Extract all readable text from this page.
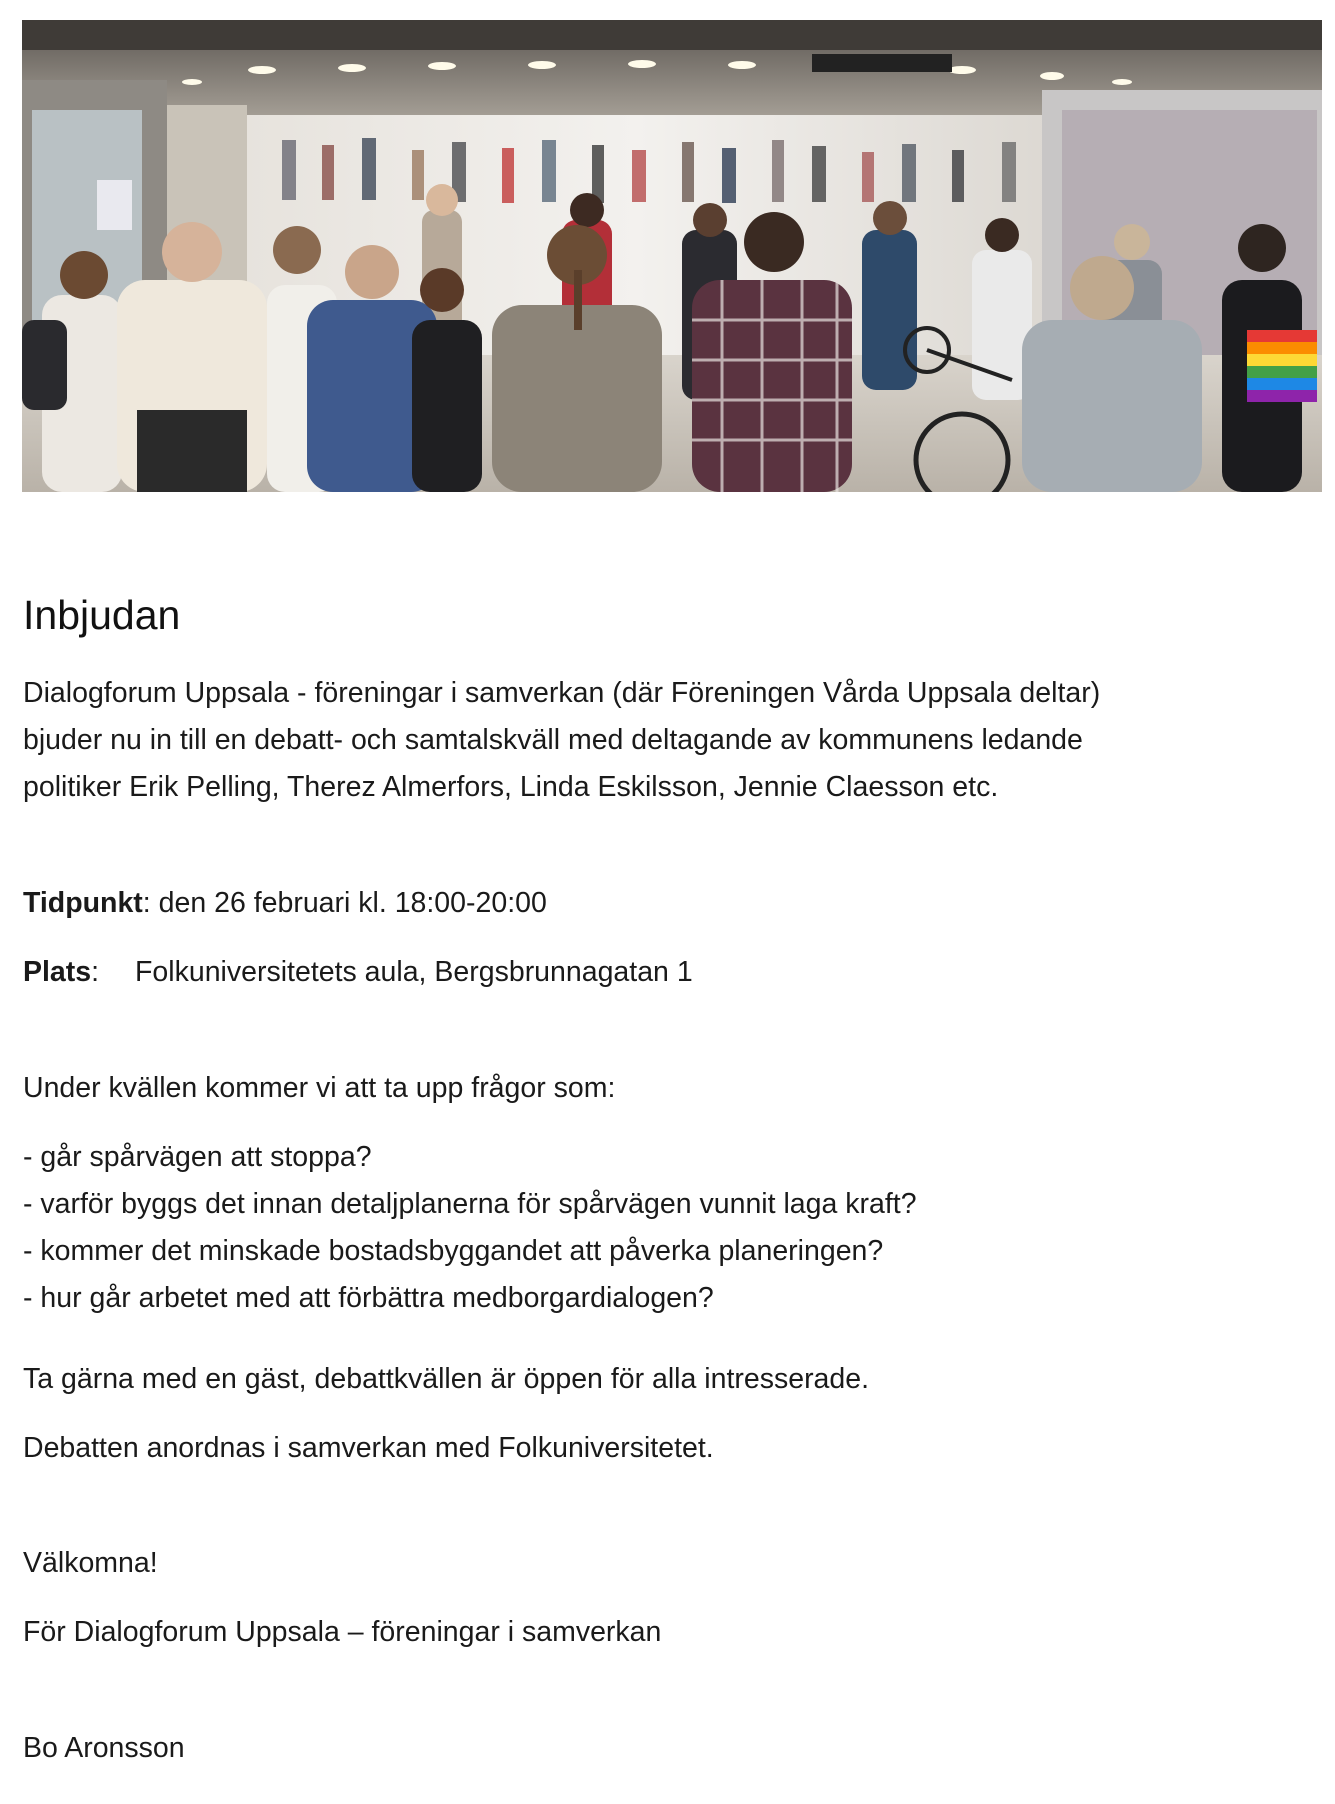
Inbjudan

Dialogforum Uppsala - föreningar i samverkan (där Föreningen Vårda Uppsala deltar)
bjuder nu in till en debatt- och samtalskväll med deltagande av kommunens ledande
politiker Erik Pelling, Therez Almerfors, Linda Eskilsson, Jennie Claesson etc.

Tidpunkt: den 26 februari kl. 18:00-20:00

Plats: Folkuniversitetets aula, Bergsbrunnagatan 1

Under kvällen kommer vi att ta upp frågor som:

- går spårvägen att stoppa?
- varför byggs det innan detaljplanerna för spårvägen vunnit laga kraft?
- kommer det minskade bostadsbyggandet att påverka planeringen?
- hur går arbetet med att förbättra medborgardialogen?

Ta gärna med en gäst, debattkvällen är öppen för alla intresserade.

Debatten anordnas i samverkan med Folkuniversitetet.

Välkomna!

För Dialogforum Uppsala – föreningar i samverkan

Bo Aronsson
